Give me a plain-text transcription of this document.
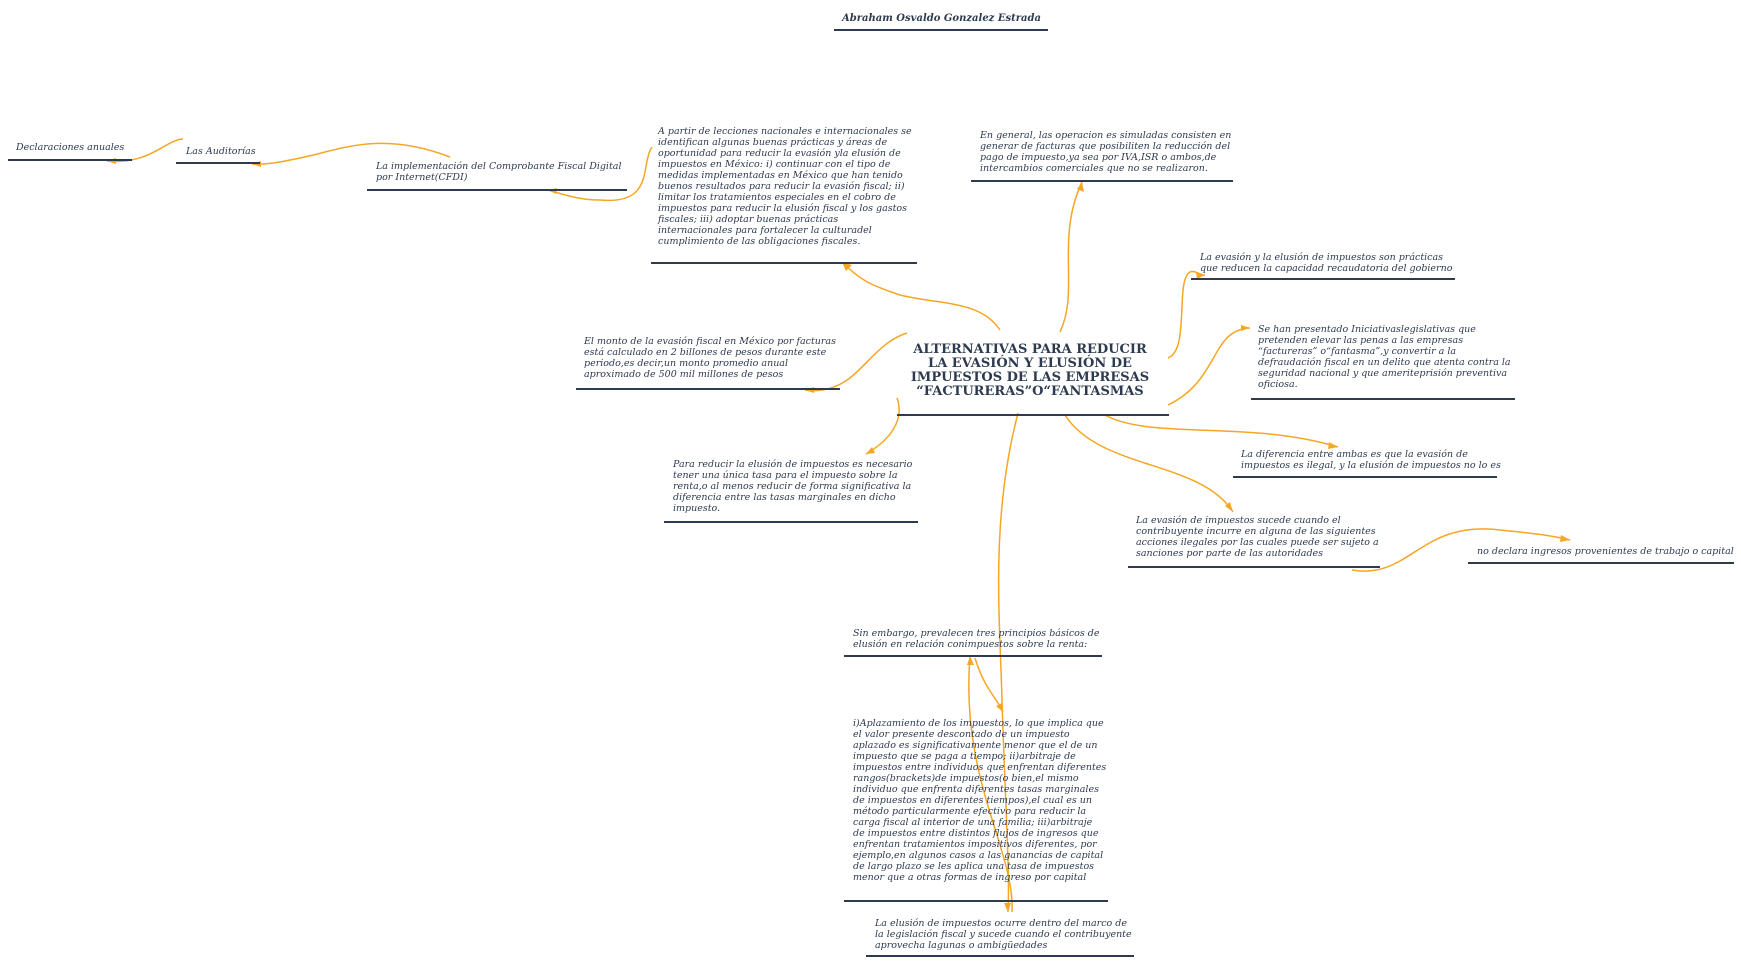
Abraham Osvaldo Gonzalez Estrada
ALTERNATIVAS PARA REDUCIR
LA EVASIÓN Y ELUSIÓN DE
IMPUESTOS DE LAS EMPRESAS
“FACTURERAS”O“FANTASMAS
Declaraciones anuales	Las Auditorías
La implementación del Comprobante Fiscal Digital
por Internet(CFDI)
A partir de lecciones nacionales e internacionales se
identifican algunas buenas prácticas y áreas de
oportunidad para reducir la evasión yla elusión de
impuestos en México: i) continuar con el tipo de
medidas implementadas en México que han tenido
buenos resultados para reducir la evasión fiscal; ii)
limitar los tratamientos especiales en el cobro de
impuestos para reducir la elusión fiscal y los gastos
fiscales; iii) adoptar buenas prácticas
internacionales para fortalecer la culturadel
cumplimiento de las obligaciones fiscales.
En general, las operacion es simuladas consisten en
generar de facturas que posibiliten la reducción del
pago de impuesto,ya sea por IVA,ISR o ambos,de
intercambios comerciales que no se realizaron.
La evasión y la elusión de impuestos son prácticas
que reducen la capacidad recaudatoria del gobierno
Se han presentado Iniciativaslegislativas que
pretenden elevar las penas a las empresas
“factureras” o“fantasma”,y convertir a la
defraudación fiscal en un delito que atenta contra la
seguridad nacional y que ameriteprisión preventiva
oficiosa.
La diferencia entre ambas es que la evasión de
impuestos es ilegal, y la elusión de impuestos no lo es
La evasión de impuestos sucede cuando el
contribuyente incurre en alguna de las siguientes
acciones ilegales por las cuales puede ser sujeto a
sanciones por parte de las autoridades	no declara ingresos provenientes de trabajo o capital
El monto de la evasión fiscal en México por facturas
está calculado en 2 billones de pesos durante este
periodo,es decir,un monto promedio anual
aproximado de 500 mil millones de pesos
Para reducir la elusión de impuestos es necesario
tener una única tasa para el impuesto sobre la
renta,o al menos reducir de forma significativa la
diferencia entre las tasas marginales en dicho
impuesto.
Sin embargo, prevalecen tres principios básicos de
elusión en relación conimpuestos sobre la renta:
i)Aplazamiento de los impuestos, lo que implica que
el valor presente descontado de un impuesto
aplazado es significativamente menor que el de un
impuesto que se paga a tiempo; ii)arbitraje de
impuestos entre individuos que enfrentan diferentes
rangos(brackets)de impuestos(o bien,el mismo
individuo que enfrenta diferentes tasas marginales
de impuestos en diferentes tiempos),el cual es un
método particularmente efectivo para reducir la
carga fiscal al interior de una familia; iii)arbitraje
de impuestos entre distintos flujos de ingresos que
enfrentan tratamientos impositivos diferentes, por
ejemplo,en algunos casos a las ganancias de capital
de largo plazo se les aplica una tasa de impuestos
menor que a otras formas de ingreso por capital
La elusión de impuestos ocurre dentro del marco de
la legislación fiscal y sucede cuando el contribuyente
aprovecha lagunas o ambigüedades
